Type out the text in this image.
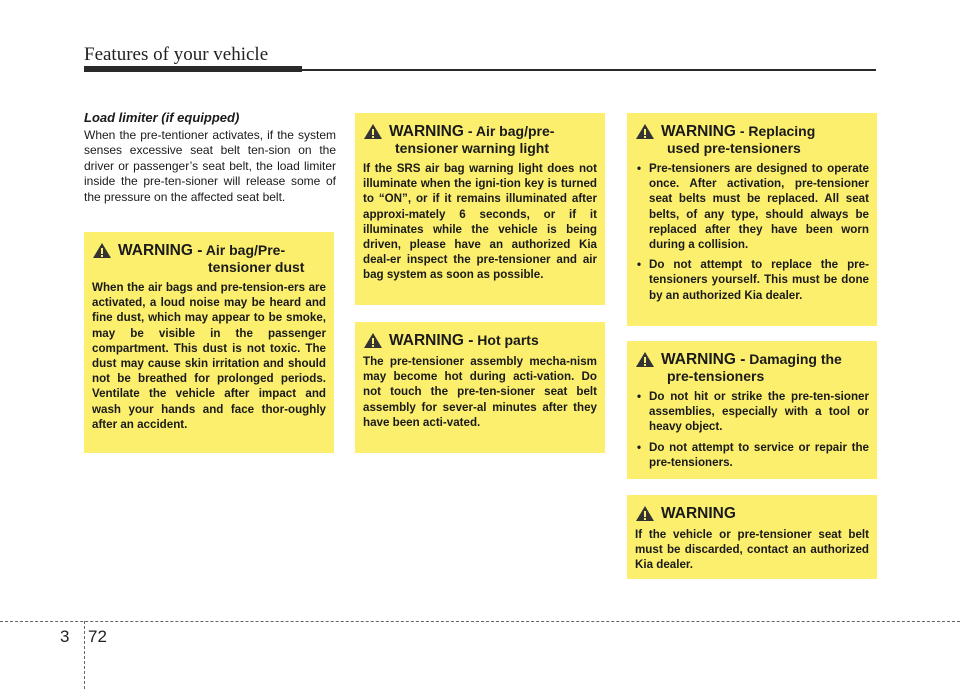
Features of your vehicle
Load limiter (if equipped)
When the pre-tentioner activates, if the system senses excessive seat belt ten-sion on the driver or passenger’s seat belt, the load limiter inside the pre-ten-sioner will release some of the pressure on the affected seat belt.
WARNING - Air bag/Pre-
tensioner dust
When the air bags and pre-tension-ers are activated, a loud noise may be heard and fine dust, which may appear to be smoke, may be visible in the passenger compartment. This dust is not toxic. The dust may cause skin irritation and should not be breathed for prolonged periods. Ventilate the vehicle after impact and wash your hands and face thor-oughly after an accident.
WARNING - Air bag/pre-
tensioner warning light
If the SRS air bag warning light does not illuminate when the igni-tion key is turned to “ON”, or if it remains illuminated after approxi-mately 6 seconds, or if it illuminates while the vehicle is being driven, please have an authorized Kia deal-er inspect the pre-tensioner and air bag system as soon as possible.
WARNING - Hot parts
The pre-tensioner assembly mecha-nism may become hot during acti-vation. Do not touch the pre-ten-sioner seat belt assembly for sever-al minutes after they have been acti-vated.
WARNING - Replacing
used pre-tensioners
• Pre-tensioners are designed to operate once. After activation, pre-tensioner seat belts must be replaced. All seat belts, of any type, should always be replaced after they have been worn during a collision.
• Do not attempt to replace the pre-tensioners yourself. This must be done by an authorized Kia dealer.
WARNING - Damaging the
pre-tensioners
• Do not hit or strike the pre-ten-sioner assemblies, especially with a tool or heavy object.
• Do not attempt to service or repair the pre-tensioners.
WARNING
If the vehicle or pre-tensioner seat belt must be discarded, contact an authorized Kia dealer.
3 72
